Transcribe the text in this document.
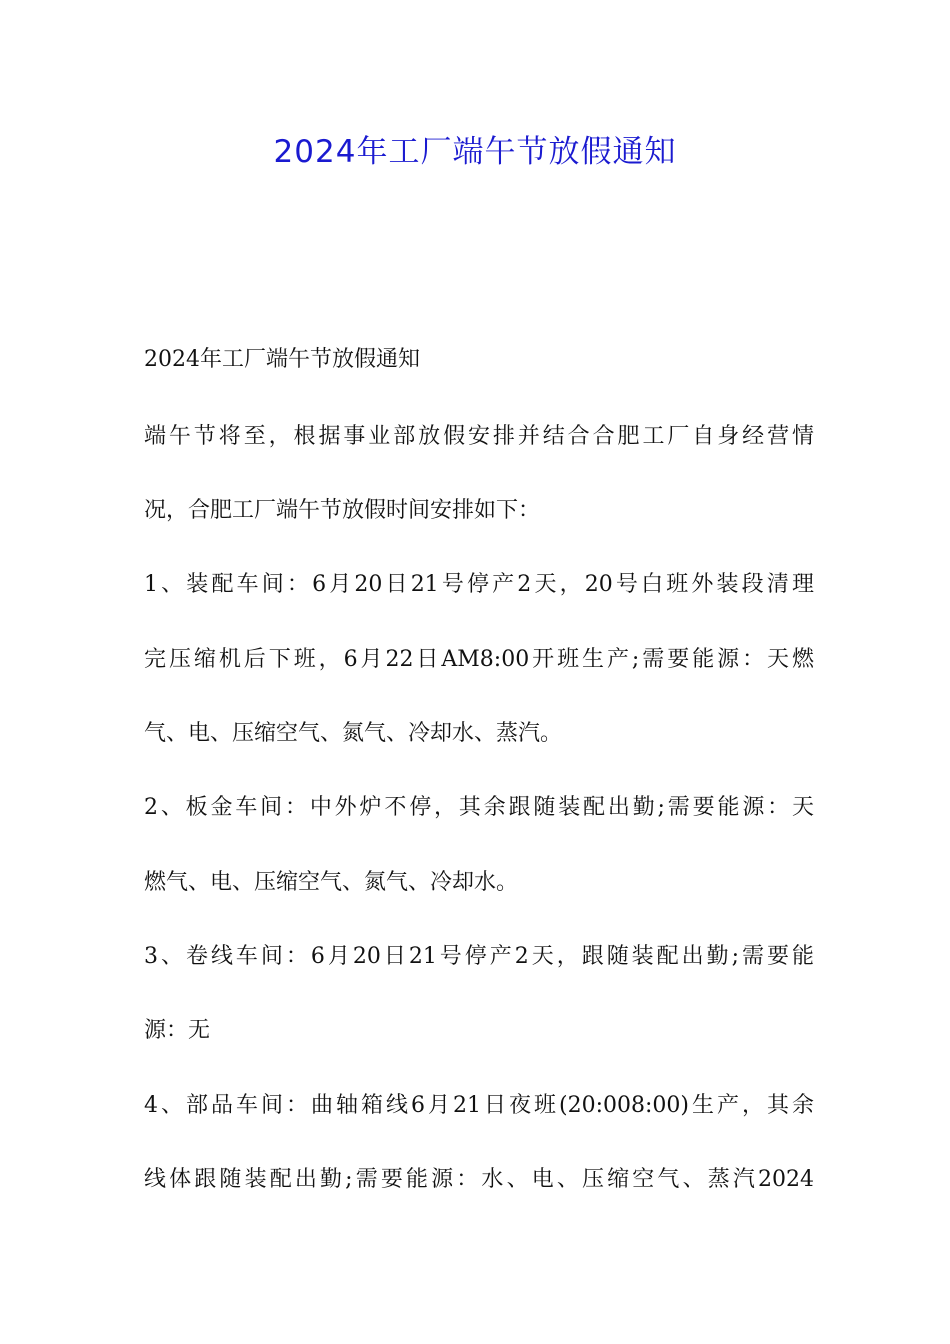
2024年工厂端午节放假通知

2024年工厂端午节放假通知

端午节将至，根据事业部放假安排并结合合肥工厂自身经营情

况，合肥工厂端午节放假时间安排如下：

1、装配车间：6月20日21号停产2天，20号白班外装段清理

完压缩机后下班，6月22日AM8:00开班生产;需要能源：天燃

气、电、压缩空气、氮气、冷却水、蒸汽。

2、板金车间：中外炉不停，其余跟随装配出勤;需要能源：天

燃气、电、压缩空气、氮气、冷却水。

3、卷线车间：6月20日21号停产2天，跟随装配出勤;需要能

源：无

4、部品车间：曲轴箱线6月21日夜班(20:008:00)生产，其余

线体跟随装配出勤;需要能源：水、电、压缩空气、蒸汽2024
